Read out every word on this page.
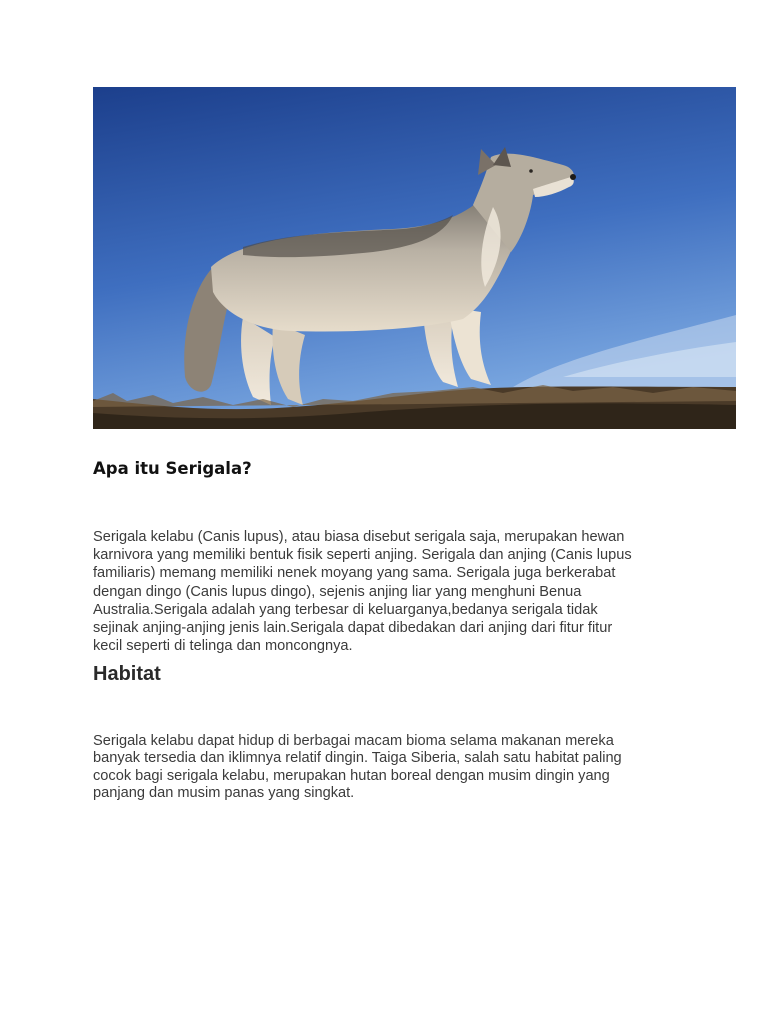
Apa itu Serigala?

Serigala kelabu (Canis lupus), atau biasa disebut serigala saja, merupakan hewan
karnivora yang memiliki bentuk fisik seperti anjing. Serigala dan anjing (Canis lupus
familiaris) memang memiliki nenek moyang yang sama. Serigala juga berkerabat
dengan dingo (Canis lupus dingo), sejenis anjing liar yang menghuni Benua
Australia.Serigala adalah yang terbesar di keluarganya,bedanya serigala tidak
sejinak anjing-anjing jenis lain.Serigala dapat dibedakan dari anjing dari fitur fitur
kecil seperti di telinga dan moncongnya.

Habitat

Serigala kelabu dapat hidup di berbagai macam bioma selama makanan mereka
banyak tersedia dan iklimnya relatif dingin. Taiga Siberia, salah satu habitat paling
cocok bagi serigala kelabu, merupakan hutan boreal dengan musim dingin yang
panjang dan musim panas yang singkat.
